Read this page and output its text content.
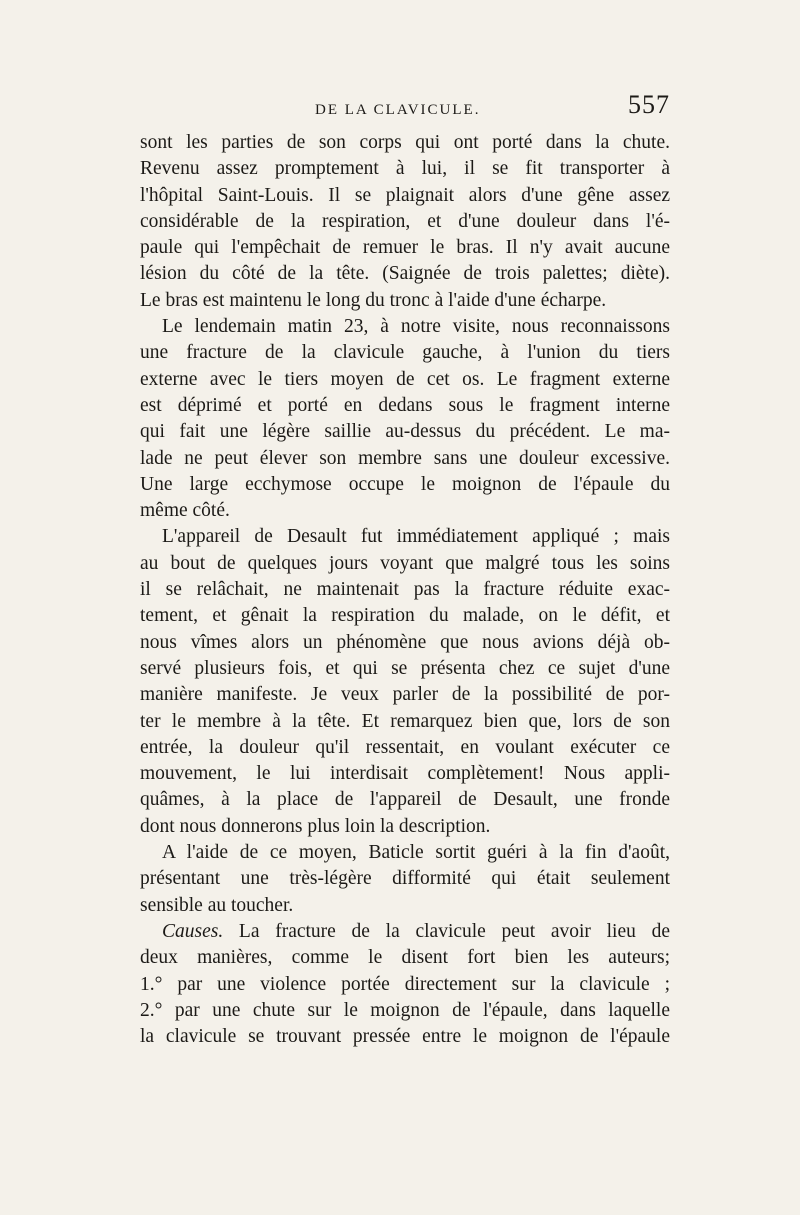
DE LA CLAVICULE.	557
sont les parties de son corps qui ont porté dans la chute.
Revenu assez promptement à lui, il se fit transporter à
l'hôpital Saint-Louis. Il se plaignait alors d'une gêne assez
considérable de la respiration, et d'une douleur dans l'é-
paule qui l'empêchait de remuer le bras. Il n'y avait aucune
lésion du côté de la tête. (Saignée de trois palettes; diète).
Le bras est maintenu le long du tronc à l'aide d'une écharpe.
Le lendemain matin 23, à notre visite, nous reconnaissons
une fracture de la clavicule gauche, à l'union du tiers
externe avec le tiers moyen de cet os. Le fragment externe
est déprimé et porté en dedans sous le fragment interne
qui fait une légère saillie au-dessus du précédent. Le ma-
lade ne peut élever son membre sans une douleur excessive.
Une large ecchymose occupe le moignon de l'épaule du
même côté.
L'appareil de Desault fut immédiatement appliqué ; mais
au bout de quelques jours voyant que malgré tous les soins
il se relâchait, ne maintenait pas la fracture réduite exac-
tement, et gênait la respiration du malade, on le défit, et
nous vîmes alors un phénomène que nous avions déjà ob-
servé plusieurs fois, et qui se présenta chez ce sujet d'une
manière manifeste. Je veux parler de la possibilité de por-
ter le membre à la tête. Et remarquez bien que, lors de son
entrée, la douleur qu'il ressentait, en voulant exécuter ce
mouvement, le lui interdisait complètement! Nous appli-
quâmes, à la place de l'appareil de Desault, une fronde
dont nous donnerons plus loin la description.
A l'aide de ce moyen, Baticle sortit guéri à la fin d'août,
présentant une très-légère difformité qui était seulement
sensible au toucher.
Causes. La fracture de la clavicule peut avoir lieu de
deux manières, comme le disent fort bien les auteurs;
1.° par une violence portée directement sur la clavicule ;
2.° par une chute sur le moignon de l'épaule, dans laquelle
la clavicule se trouvant pressée entre le moignon de l'épaule
